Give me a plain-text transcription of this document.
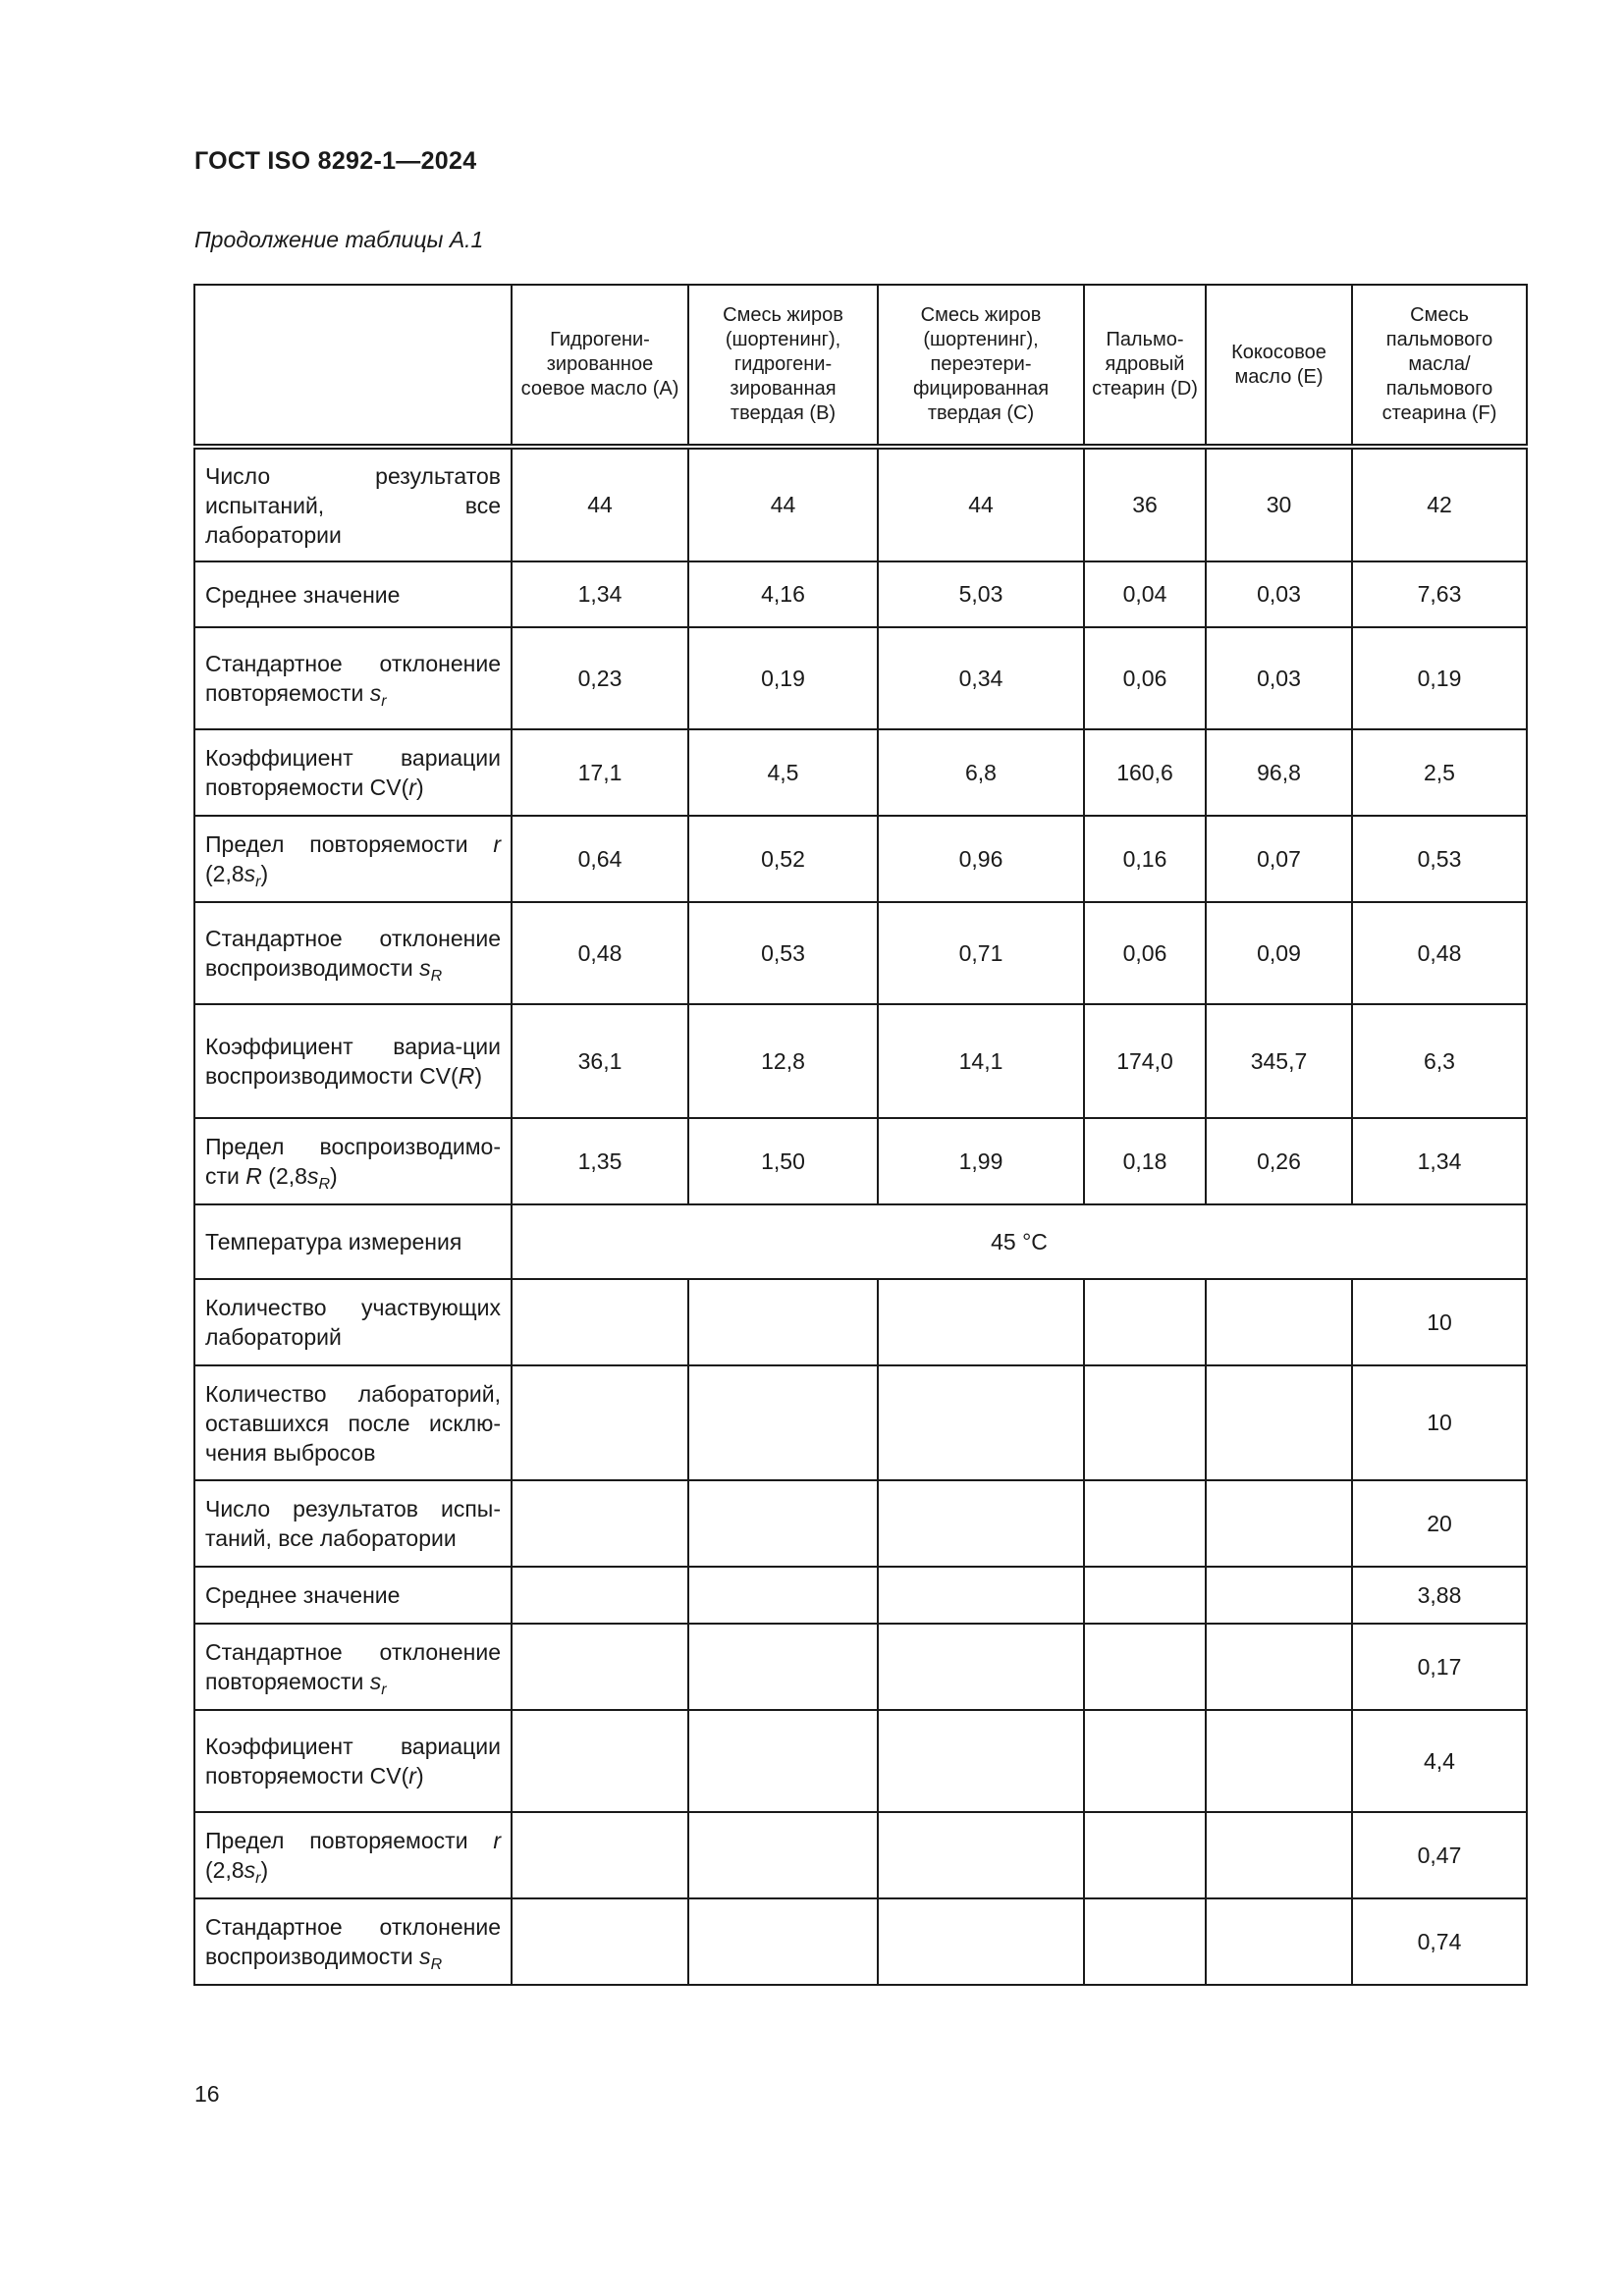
ГОСТ ISO 8292-1—2024
Продолжение таблицы А.1
	Гидрогени-зированное соевое масло (А)	Смесь жиров (шортенинг), гидрогени-зированная твердая (В)	Смесь жиров (шортенинг), переэтери-фицированная твердая (С)	Пальмо-ядровый стеарин (D)	Кокосовое масло (Е)	Смесь пальмового масла/ пальмового стеарина (F)
Число результатов испытаний, все лаборатории	44	44	44	36	30	42
Среднее значение	1,34	4,16	5,03	0,04	0,03	7,63
Стандартное отклонение повторяемости $s_r$	0,23	0,19	0,34	0,06	0,03	0,19
Коэффициент вариации повторяемости CV(r)	17,1	4,5	6,8	160,6	96,8	2,5
Предел повторяемости r $(2,8s_r)$	0,64	0,52	0,96	0,16	0,07	0,53
Стандартное отклонение воспроизводимости $s_R$	0,48	0,53	0,71	0,06	0,09	0,48
Коэффициент вариа-ции воспроизводимости CV(R)	36,1	12,8	14,1	174,0	345,7	6,3
Предел воспроизводимо-сти R $(2,8s_R)$	1,35	1,50	1,99	0,18	0,26	1,34
Температура измерения	45 °C					
Количество участвующих лабораторий						10
Количество лабораторий, оставшихся после исклю-чения выбросов						10
Число результатов испы-таний, все лаборатории						20
Среднее значение						3,88
Стандартное отклонение повторяемости $s_r$						0,17
Коэффициент вариации повторяемости CV(r)						4,4
Предел повторяемости r $(2,8s_r)$						0,47
Стандартное отклонение воспроизводимости $s_R$						0,74
16
